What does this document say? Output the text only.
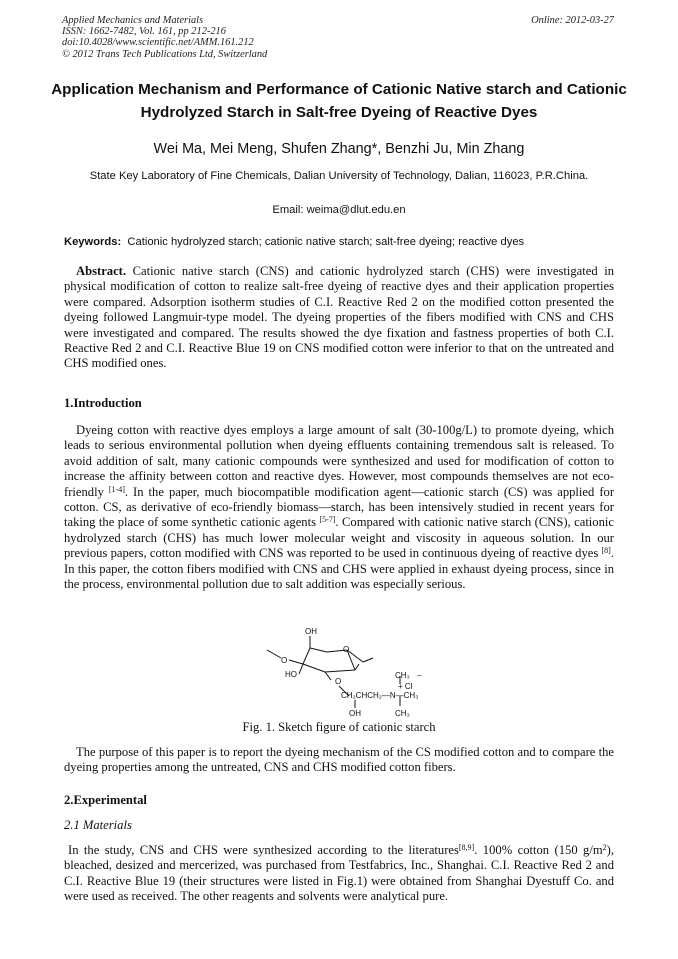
Applied Mechanics and Materials
ISSN: 1662-7482, Vol. 161, pp 212-216
doi:10.4028/www.scientific.net/AMM.161.212
© 2012 Trans Tech Publications Ltd, Switzerland
Online: 2012-03-27
Application Mechanism and Performance of Cationic Native starch and Cationic Hydrolyzed Starch in Salt-free Dyeing of Reactive Dyes
Wei Ma, Mei Meng, Shufen Zhang*, Benzhi Ju, Min Zhang
State Key Laboratory of Fine Chemicals, Dalian University of Technology, Dalian, 116023, P.R.China.
Email: weima@dlut.edu.en
Keywords: Cationic hydrolyzed starch; cationic native starch; salt-free dyeing; reactive dyes
Abstract. Cationic native starch (CNS) and cationic hydrolyzed starch (CHS) were investigated in physical modification of cotton to realize salt-free dyeing of reactive dyes and their application properties were compared. Adsorption isotherm studies of C.I. Reactive Red 2 on the modified cotton presented the dyeing followed Langmuir-type model. The dyeing properties of the fibers modified with CNS and CHS were investigated and compared. The results showed the dye fixation and fastness properties of both C.I. Reactive Red 2 and C.I. Reactive Blue 19 on CNS modified cotton were inferior to that on the untreated and CHS modified ones.
1.Introduction
Dyeing cotton with reactive dyes employs a large amount of salt (30-100g/L) to promote dyeing, which leads to serious environmental pollution when dyeing effluents containing tremendous salt is released. To avoid addition of salt, many cationic compounds were synthesized and used for modification of cotton to increase the affinity between cotton and reactive dyes. However, most compounds themselves are not eco-friendly [1-4]. In the paper, much biocompatible modification agent—cationic starch (CS) was applied for cotton. CS, as derivative of eco-friendly biomass—starch, has been intensively studied in recent years for taking the place of some synthetic cationic agents [5-7]. Compared with cationic native starch (CNS), cationic hydrolyzed starch (CHS) has much lower molecular weight and viscosity in aqueous solution. In our previous papers, cotton modified with CNS was reported to be used in continuous dyeing of reactive dyes [8]. In this paper, the cotton fibers modified with CNS and CHS were applied in exhaust dyeing process, since in the process, environmental pollution due to salt addition was especially serious.
OH
O
O
HO
O
CH₃ −
+ Cl
CH₂CHCH₂—N—CH₃
OH	CH₃
Fig. 1. Sketch figure of cationic starch
The purpose of this paper is to report the dyeing mechanism of the CS modified cotton and to compare the dyeing properties among the untreated, CNS and CHS modified cotton fibers.
2.Experimental
2.1 Materials
In the study, CNS and CHS were synthesized according to the literatures[8,9]. 100% cotton (150 $g/m^2$), bleached, desized and mercerized, was purchased from Testfabrics, Inc., Shanghai. C.I. Reactive Red 2 and C.I. Reactive Blue 19 (their structures were listed in Fig.1) were obtained from Shanghai Dyestuff Co. and were used as received. The other reagents and solvents were analytical pure.
